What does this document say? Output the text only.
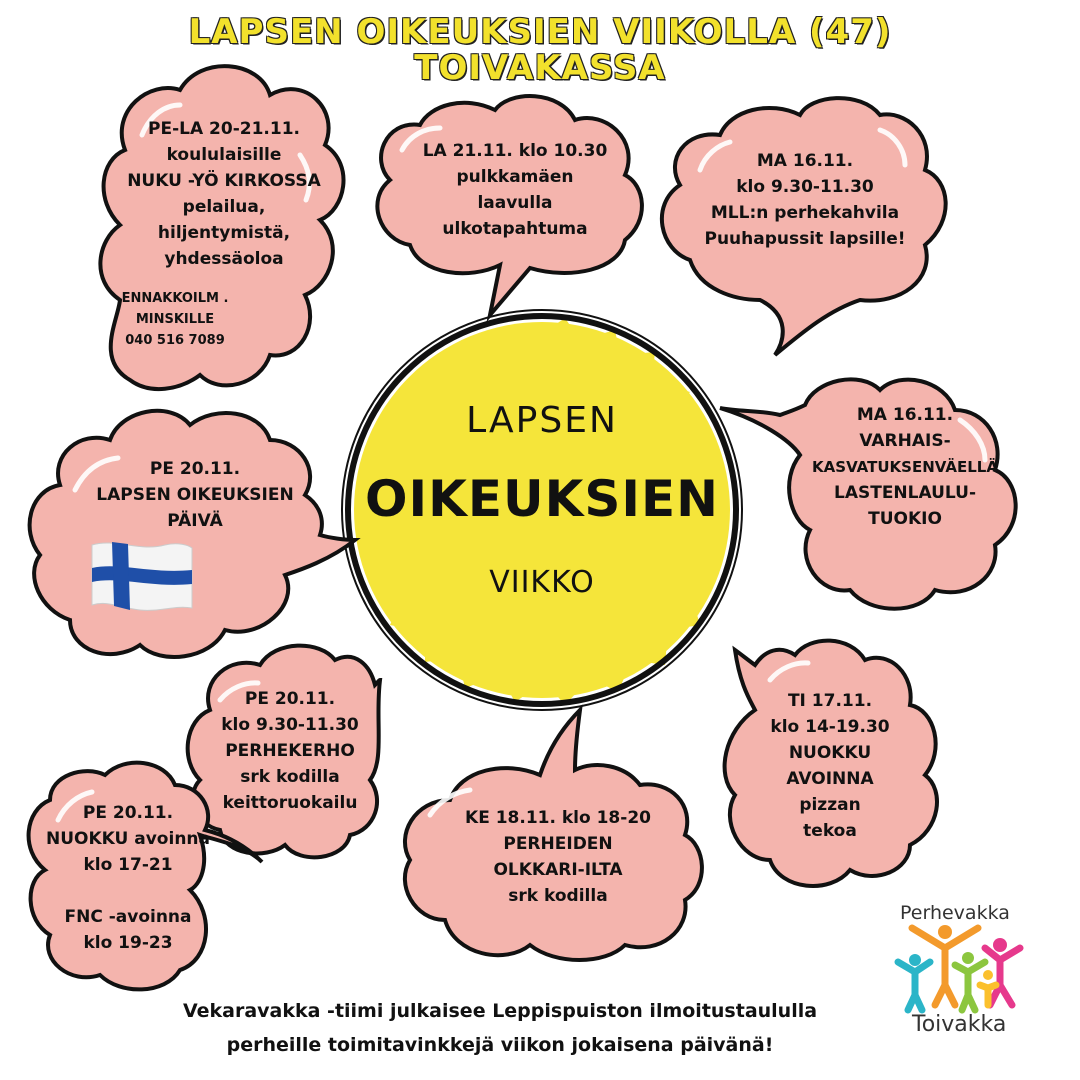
LAPSEN OIKEUKSIEN VIIKOLLA (47)
TOIVAKASSA
LAPSEN
OIKEUKSIEN
VIIKKO
PE-LA 20-21.11.
koululaisille
NUKU -YÖ KIRKOSSA
pelailua,
hiljentymistä,
yhdessäoloa
ENNAKKOILM .
MINSKILLE
040 516 7089
LA 21.11. klo 10.30
pulkkamäen
laavulla
ulkotapahtuma
MA 16.11.
klo 9.30-11.30
MLL:n perhekahvila
Puuhapussit lapsille!
MA 16.11.
VARHAIS-
KASVATUKSENVÄELLÄ
LASTENLAULU-
TUOKIO
PE 20.11.
LAPSEN OIKEUKSIEN
PÄIVÄ
PE 20.11.
klo 9.30-11.30
PERHEKERHO
srk kodilla
keittoruokailu
PE 20.11.
NUOKKU avoinna
klo 17-21
FNC -avoinna
klo 19-23
KE 18.11. klo 18-20
PERHEIDEN
OLKKARI-ILTA
srk kodilla
TI 17.11.
klo 14-19.30
NUOKKU
AVOINNA
pizzan
tekoa
Vekaravakka -tiimi julkaisee Leppispuiston ilmoitustaululla
perheille toimitavinkkejä viikon jokaisena päivänä!
Perhevakka
Toivakka
